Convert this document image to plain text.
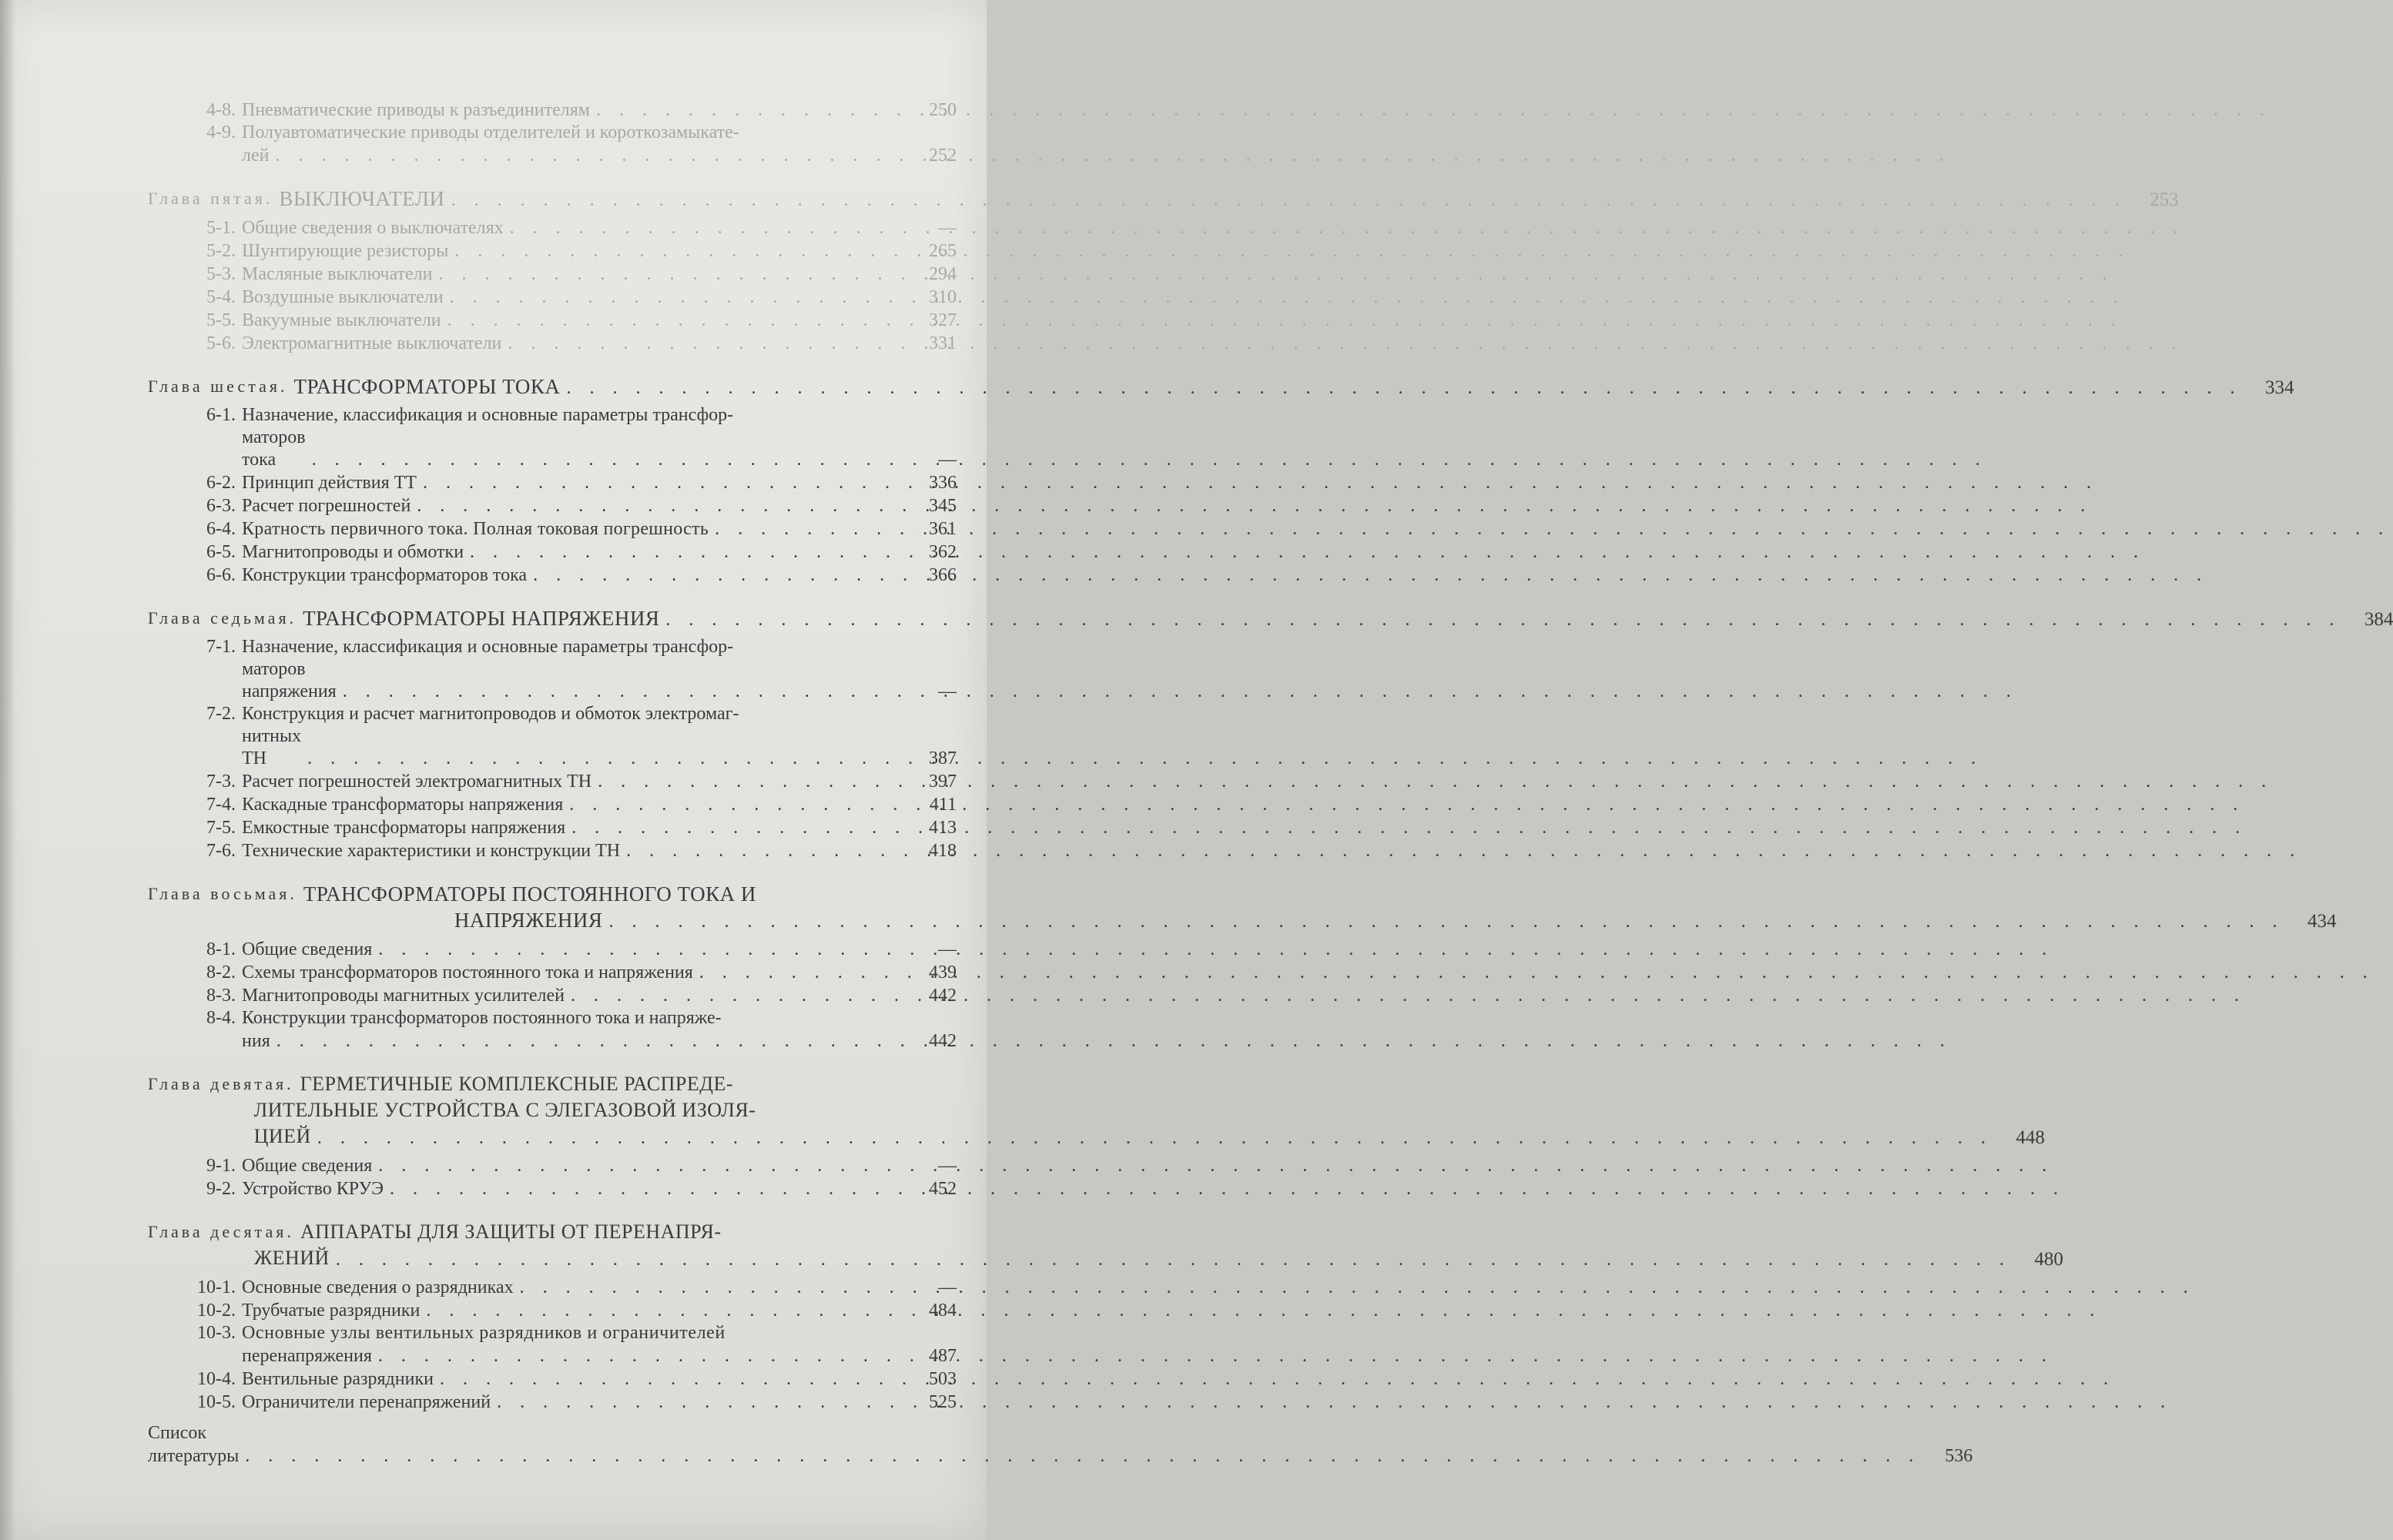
4-8. Пневматические приводы к разъединителям . . .	250
4-9. Полуавтоматические приводы отделителей и короткозамыкате-
лей . . .	252
Глава пятая. ВЫКЛЮЧАТЕЛИ . . .	253
5-1. Общие сведения о выключателях . . .	—
5-2. Шунтирующие резисторы . . .	265
5-3. Масляные выключатели . . .	294
5-4. Воздушные выключатели . . .	310
5-5. Вакуумные выключатели . . .	327
5-6. Электромагнитные выключатели . . .	331
Глава шестая. ТРАНСФОРМАТОРЫ ТОКА . . .	334
6-1. Назначение, классификация и основные параметры трансфор-
маторов тока . . .	—
6-2. Принцип действия ТТ . . .	336
6-3. Расчет погрешностей . . .	345
6-4. Кратность первичного тока. Полная токовая погрешность . . .	361
6-5. Магнитопроводы и обмотки . . .	362
6-6. Конструкции трансформаторов тока . . .	366
Глава седьмая. ТРАНСФОРМАТОРЫ НАПРЯЖЕНИЯ . . .	384
7-1. Назначение, классификация и основные параметры трансфор-
маторов напряжения . . .	—
7-2. Конструкция и расчет магнитопроводов и обмоток электромаг-
нитных ТН . . .	387
7-3. Расчет погрешностей электромагнитных ТН . . .	397
7-4. Каскадные трансформаторы напряжения . . .	411
7-5. Емкостные трансформаторы напряжения . . .	413
7-6. Технические характеристики и конструкции ТН . . .	418
Глава восьмая. ТРАНСФОРМАТОРЫ ПОСТОЯННОГО ТОКА И
НАПРЯЖЕНИЯ . . .	434
8-1. Общие сведения . . .	—
8-2. Схемы трансформаторов постоянного тока и напряжения . . .	439
8-3. Магнитопроводы магнитных усилителей . . .	442
8-4. Конструкции трансформаторов постоянного тока и напряже-
ния . . .	442
Глава девятая. ГЕРМЕТИЧНЫЕ КОМПЛЕКСНЫЕ РАСПРЕДЕ-
ЛИТЕЛЬНЫЕ УСТРОЙСТВА С ЭЛЕГАЗОВОЙ ИЗОЛЯ-
ЦИЕЙ . . .	448
9-1. Общие сведения . . .	—
9-2. Устройство КРУЭ . . .	452
Глава десятая. АППАРАТЫ ДЛЯ ЗАЩИТЫ ОТ ПЕРЕНАПРЯ-
ЖЕНИЙ . . .	480
10-1. Основные сведения о разрядниках . . .	—
10-2. Трубчатые разрядники . . .	484
10-3. Основные узлы вентильных разрядников и ограничителей
перенапряжения . . .	487
10-4. Вентильные разрядники . . .	503
10-5. Ограничители перенапряжений . . .	525
Список литературы . . .	536
